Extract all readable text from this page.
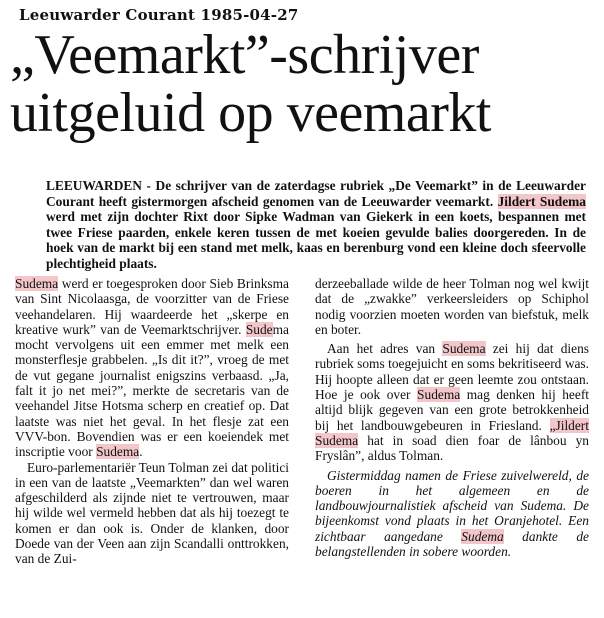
Leeuwarder Courant 1985-04-27
„Veemarkt”-schrijver
uitgeluid op veemarkt
LEEUWARDEN - De schrijver van de zaterdagse rubriek „De Veemarkt” in de Leeuwarder Courant heeft gistermorgen afscheid genomen van de Leeuwarder veemarkt. Jildert Sudema werd met zijn dochter Rixt door Sipke Wadman van Giekerk in een koets, bespannen met twee Friese paarden, enkele keren tussen de met koeien gevulde balies doorgereden. In de hoek van de markt bij een stand met melk, kaas en berenburg vond een kleine doch sfeervolle plechtigheid plaats.

Sudema werd er toegesproken door Sieb Brinksma van Sint Nicolaasga, de voorzitter van de Friese veehandelaren. Hij waardeerde het „skerpe en kreative wurk” van de Veemarktschrijver. Sudema mocht vervolgens uit een emmer met melk een monsterflesje grabbelen. „Is dit it?”, vroeg de met de vut gegane journalist enigszins verbaasd. „Ja, falt it jo net mei?”, merkte de secretaris van de veehandel Jitse Hotsma scherp en creatief op. Dat laatste was niet het geval. In het flesje zat een VVV-bon. Bovendien was er een koeiendek met inscriptie voor Sudema.

Euro-parlementariër Teun Tolman zei dat politici in een van de laatste „Veemarkten” dan wel waren afgeschilderd als zijnde niet te vertrouwen, maar hij wilde wel vermeld hebben dat als hij toezegt te komen er dan ook is. Onder de klanken, door Doede van der Veen aan zijn Scandalli onttrokken, van de Zui-

derzeeballade wilde de heer Tolman nog wel kwijt dat de „zwakke” verkeersleiders op Schiphol nodig voorzien moeten worden van biefstuk, melk en boter.

Aan het adres van Sudema zei hij dat diens rubriek soms toegejuicht en soms bekritiseerd was. Hij hoopte alleen dat er geen leemte zou ontstaan. Hoe je ook over Sudema mag denken hij heeft altijd blijk gegeven van een grote betrokkenheid bij het landbouwgebeuren in Friesland. „Jildert Sudema hat in soad dien foar de lânbou yn Fryslân”, aldus Tolman.

Gistermiddag namen de Friese zuivelwereld, de boeren in het algemeen en de landbouwjournalistiek afscheid van Sudema. De bijeenkomst vond plaats in het Oranjehotel. Een zichtbaar aangedane Sudema dankte de belangstellenden in sobere woorden.
